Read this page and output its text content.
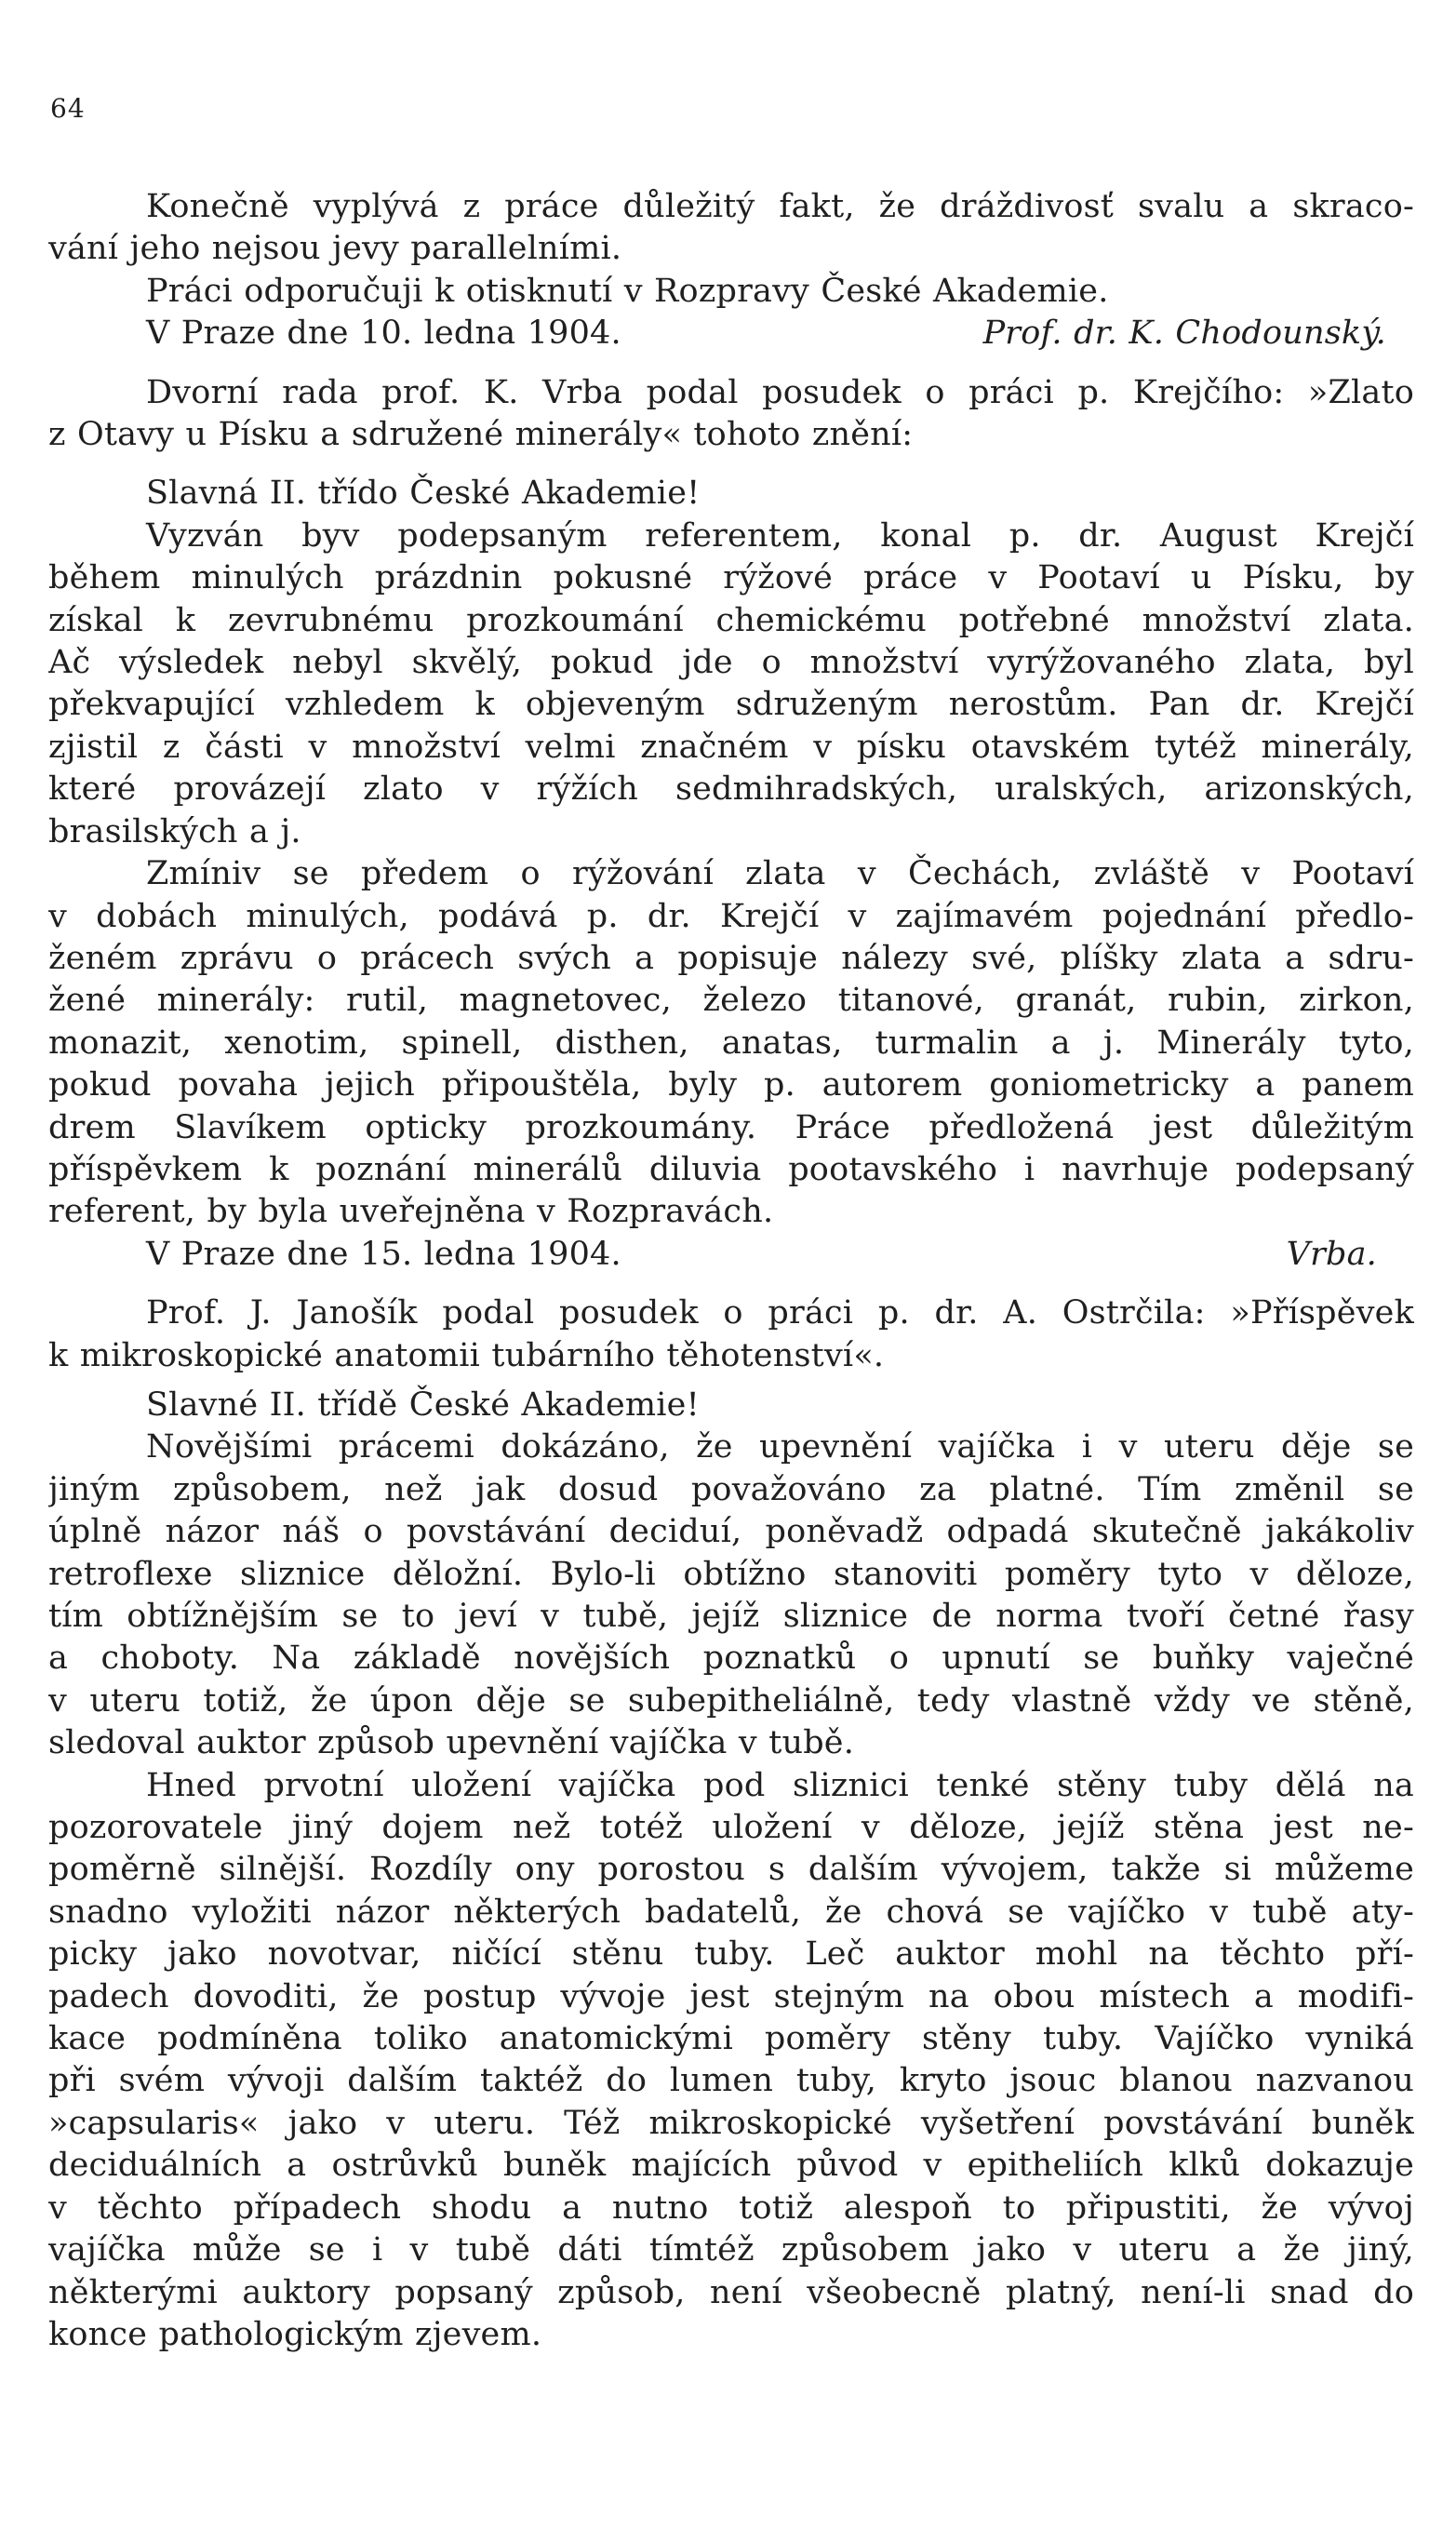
64
Konečně vyplývá z práce důležitý fakt, že dráždivosť svalu a skraco-
vání jeho nejsou jevy parallelními.
Práci odporučuji k otisknutí v Rozpravy České Akademie.
V Praze dne 10. ledna 1904.	Prof. dr. K. Chodounský.
Dvorní rada prof. K. Vrba podal posudek o práci p. Krejčího: »Zlato
z Otavy u Písku a sdružené minerály« tohoto znění:
Slavná II. třído České Akademie!
Vyzván byv podepsaným referentem, konal p. dr. August Krejčí
během minulých prázdnin pokusné rýžové práce v Pootaví u Písku, by
získal k zevrubnému prozkoumání chemickému potřebné množství zlata.
Ač výsledek nebyl skvělý, pokud jde o množství vyrýžovaného zlata, byl
překvapující vzhledem k objeveným sdruženým nerostům. Pan dr. Krejčí
zjistil z části v množství velmi značném v písku otavském tytéž minerály,
které provázejí zlato v rýžích sedmihradských, uralských, arizonských,
brasilských a j.
Zmíniv se předem o rýžování zlata v Čechách, zvláště v Pootaví
v dobách minulých, podává p. dr. Krejčí v zajímavém pojednání předlo-
ženém zprávu o prácech svých a popisuje nálezy své, plíšky zlata a sdru-
žené minerály: rutil, magnetovec, železo titanové, granát, rubin, zirkon,
monazit, xenotim, spinell, disthen, anatas, turmalin a j. Minerály tyto,
pokud povaha jejich připouštěla, byly p. autorem goniometricky a panem
drem Slavíkem opticky prozkoumány. Práce předložená jest důležitým
příspěvkem k poznání minerálů diluvia pootavského i navrhuje podepsaný
referent, by byla uveřejněna v Rozpravách.
V Praze dne 15. ledna 1904.	Vrba.
Prof. J. Janošík podal posudek o práci p. dr. A. Ostrčila: »Příspěvek
k mikroskopické anatomii tubárního těhotenství«.
Slavné II. třídě České Akademie!
Novějšími prácemi dokázáno, že upevnění vajíčka i v uteru děje se
jiným způsobem, než jak dosud považováno za platné. Tím změnil se
úplně názor náš o povstávání deciduí, poněvadž odpadá skutečně jakákoliv
retroflexe sliznice děložní. Bylo-li obtížno stanoviti poměry tyto v děloze,
tím obtížnějším se to jeví v tubě, jejíž sliznice de norma tvoří četné řasy
a choboty. Na základě novějších poznatků o upnutí se buňky vaječné
v uteru totiž, že úpon děje se subepitheliálně, tedy vlastně vždy ve stěně,
sledoval auktor způsob upevnění vajíčka v tubě.
Hned prvotní uložení vajíčka pod sliznici tenké stěny tuby dělá na
pozorovatele jiný dojem než totéž uložení v děloze, jejíž stěna jest ne-
poměrně silnější. Rozdíly ony porostou s dalším vývojem, takže si můžeme
snadno vyložiti názor některých badatelů, že chová se vajíčko v tubě aty-
picky jako novotvar, ničící stěnu tuby. Leč auktor mohl na těchto pří-
padech dovoditi, že postup vývoje jest stejným na obou místech a modifi-
kace podmíněna toliko anatomickými poměry stěny tuby. Vajíčko vyniká
při svém vývoji dalším taktéž do lumen tuby, kryto jsouc blanou nazvanou
»capsularis« jako v uteru. Též mikroskopické vyšetření povstávání buněk
deciduálních a ostrůvků buněk majících původ v epitheliích klků dokazuje
v těchto případech shodu a nutno totiž alespoň to připustiti, že vývoj
vajíčka může se i v tubě dáti tímtéž způsobem jako v uteru a že jiný,
některými auktory popsaný způsob, není všeobecně platný, není-li snad do
konce pathologickým zjevem.
